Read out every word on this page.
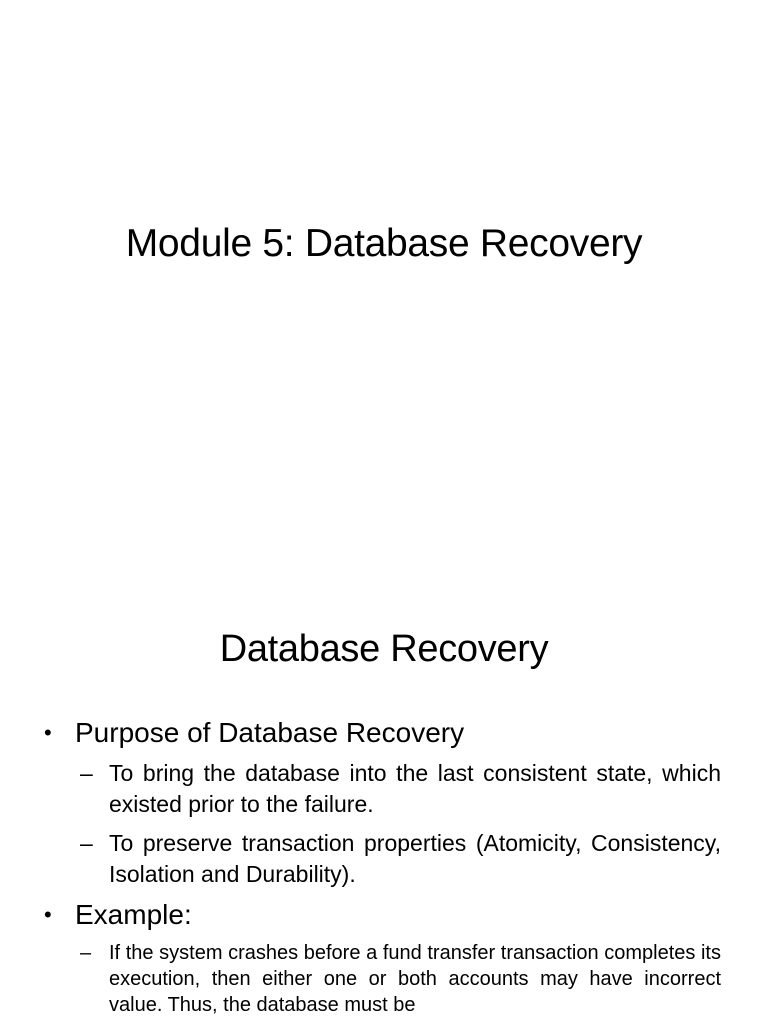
Module 5: Database Recovery
Database Recovery
• Purpose of Database Recovery
– To bring the database into the last consistent state, which existed prior to the failure.
– To preserve transaction properties (Atomicity, Consistency, Isolation and Durability).
• Example:
– If the system crashes before a fund transfer transaction completes its execution, then either one or both accounts may have incorrect value. Thus, the database must be
